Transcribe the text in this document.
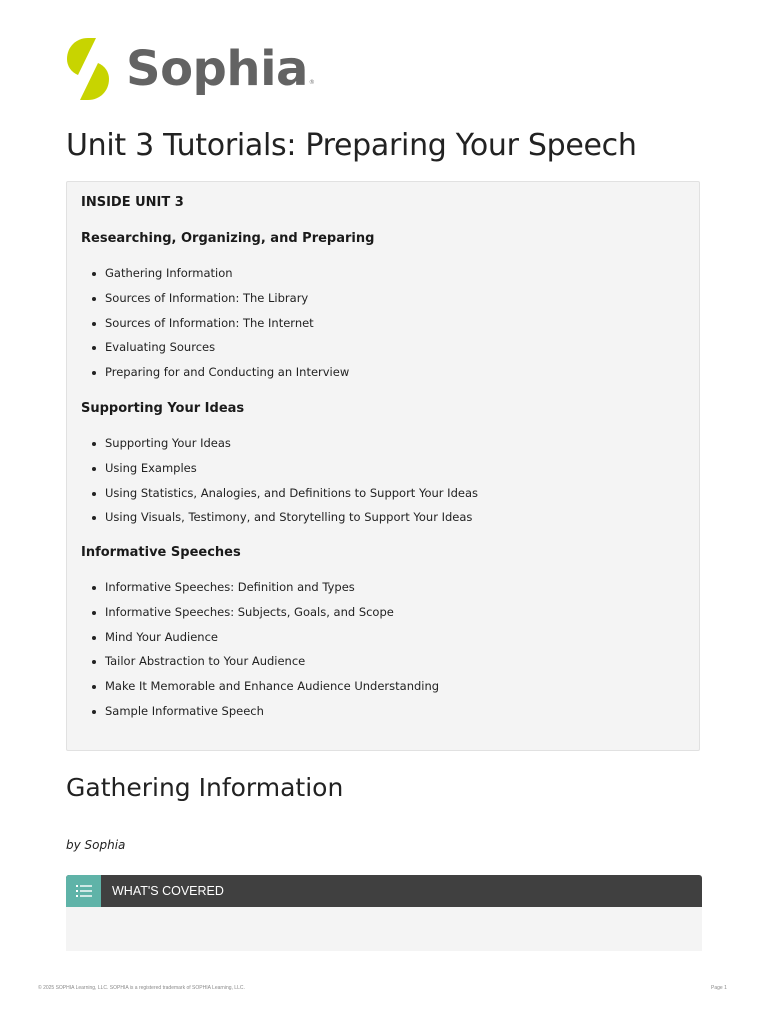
Sophia ®
Unit 3 Tutorials: Preparing Your Speech
INSIDE UNIT 3
Researching, Organizing, and Preparing
Gathering Information
Sources of Information: The Library
Sources of Information: The Internet
Evaluating Sources
Preparing for and Conducting an Interview
Supporting Your Ideas
Supporting Your Ideas
Using Examples
Using Statistics, Analogies, and Definitions to Support Your Ideas
Using Visuals, Testimony, and Storytelling to Support Your Ideas
Informative Speeches
Informative Speeches: Definition and Types
Informative Speeches: Subjects, Goals, and Scope
Mind Your Audience
Tailor Abstraction to Your Audience
Make It Memorable and Enhance Audience Understanding
Sample Informative Speech
Gathering Information
by Sophia
WHAT'S COVERED
© 2025 SOPHIA Learning, LLC. SOPHIA is a registered trademark of SOPHIA Learning, LLC.	Page 1
